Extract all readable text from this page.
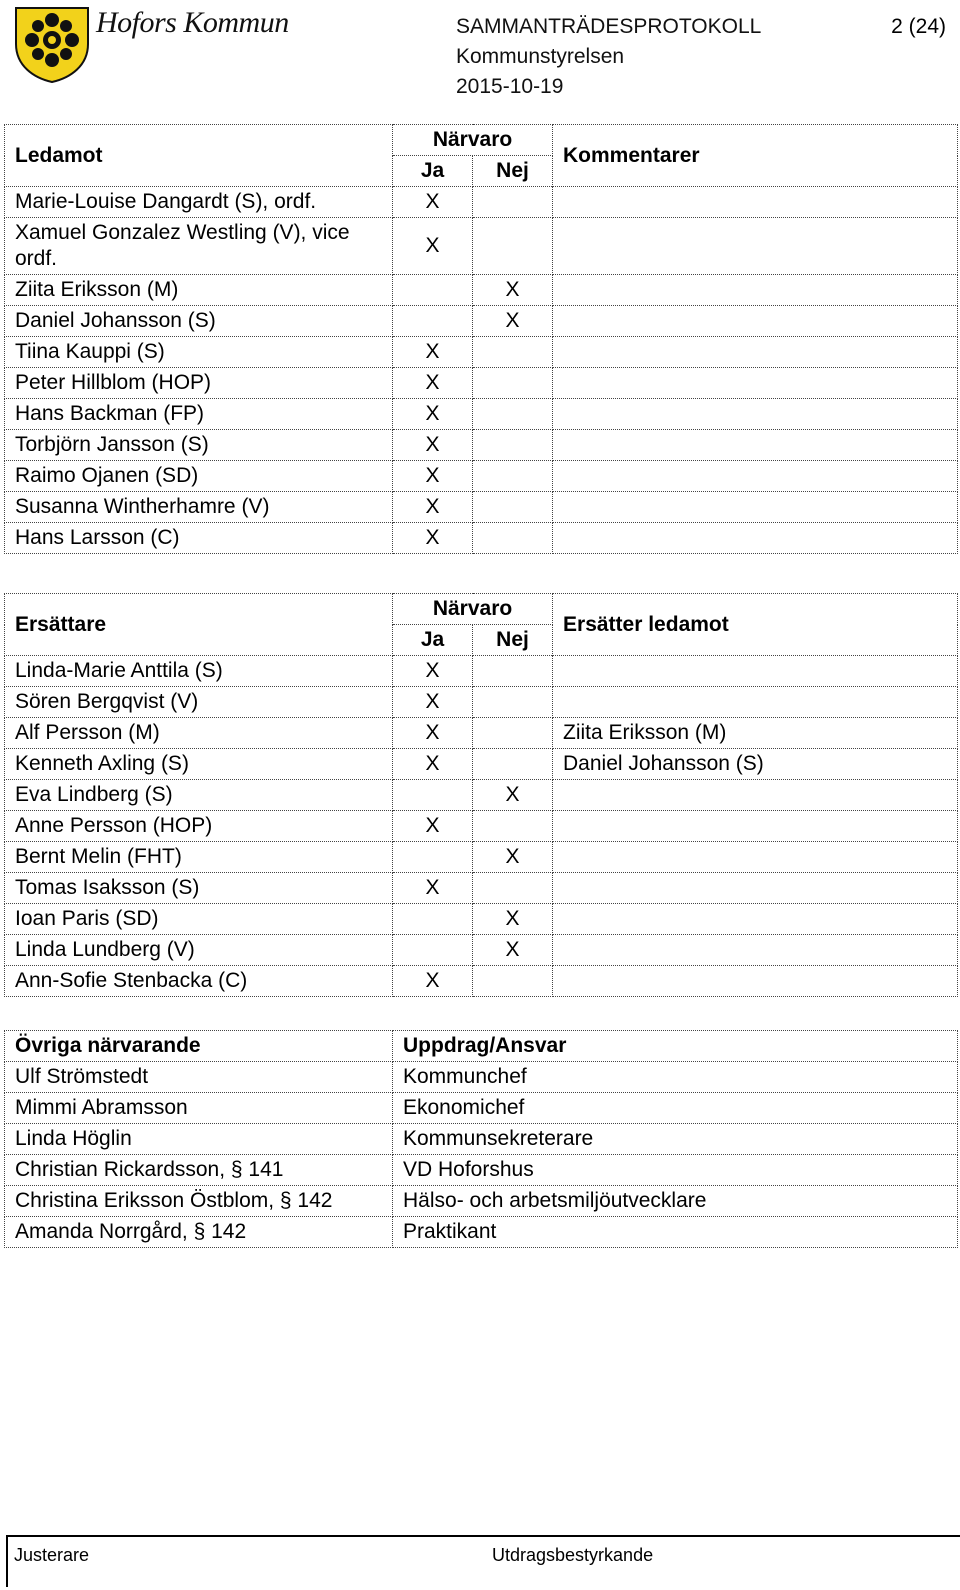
Hofors Kommun	SAMMANTRÄDESPROTOKOLL
Kommunstyrelsen
2015-10-19
2 (24)
Ledamot	Närvaro		Kommentarer
	Ja	Nej	
Marie-Louise Dangardt (S), ordf.	X		
Xamuel Gonzalez Westling (V), vice ordf.	X		
Ziita Eriksson (M)		X	
Daniel Johansson (S)		X	
Tiina Kauppi (S)	X		
Peter Hillblom (HOP)	X		
Hans Backman (FP)	X		
Torbjörn Jansson (S)	X		
Raimo Ojanen (SD)	X		
Susanna Wintherhamre (V)	X		
Hans Larsson (C)	X		
Ersättare	Närvaro		Ersätter ledamot
	Ja	Nej	
Linda-Marie Anttila (S)	X		
Sören Bergqvist (V)	X		
Alf Persson (M)	X		Ziita Eriksson (M)
Kenneth Axling (S)	X		Daniel Johansson (S)
Eva Lindberg (S)		X	
Anne Persson (HOP)	X		
Bernt Melin (FHT)		X	
Tomas Isaksson (S)	X		
Ioan Paris (SD)		X	
Linda Lundberg (V)		X	
Ann-Sofie Stenbacka (C)	X		
Övriga närvarande	Uppdrag/Ansvar
Ulf Strömstedt	Kommunchef
Mimmi Abramsson	Ekonomichef
Linda Höglin	Kommunsekreterare
Christian Rickardsson, § 141	VD Hoforshus
Christina Eriksson Östblom, § 142	Hälso- och arbetsmiljöutvecklare
Amanda Norrgård, § 142	Praktikant
Justerare	Utdragsbestyrkande
